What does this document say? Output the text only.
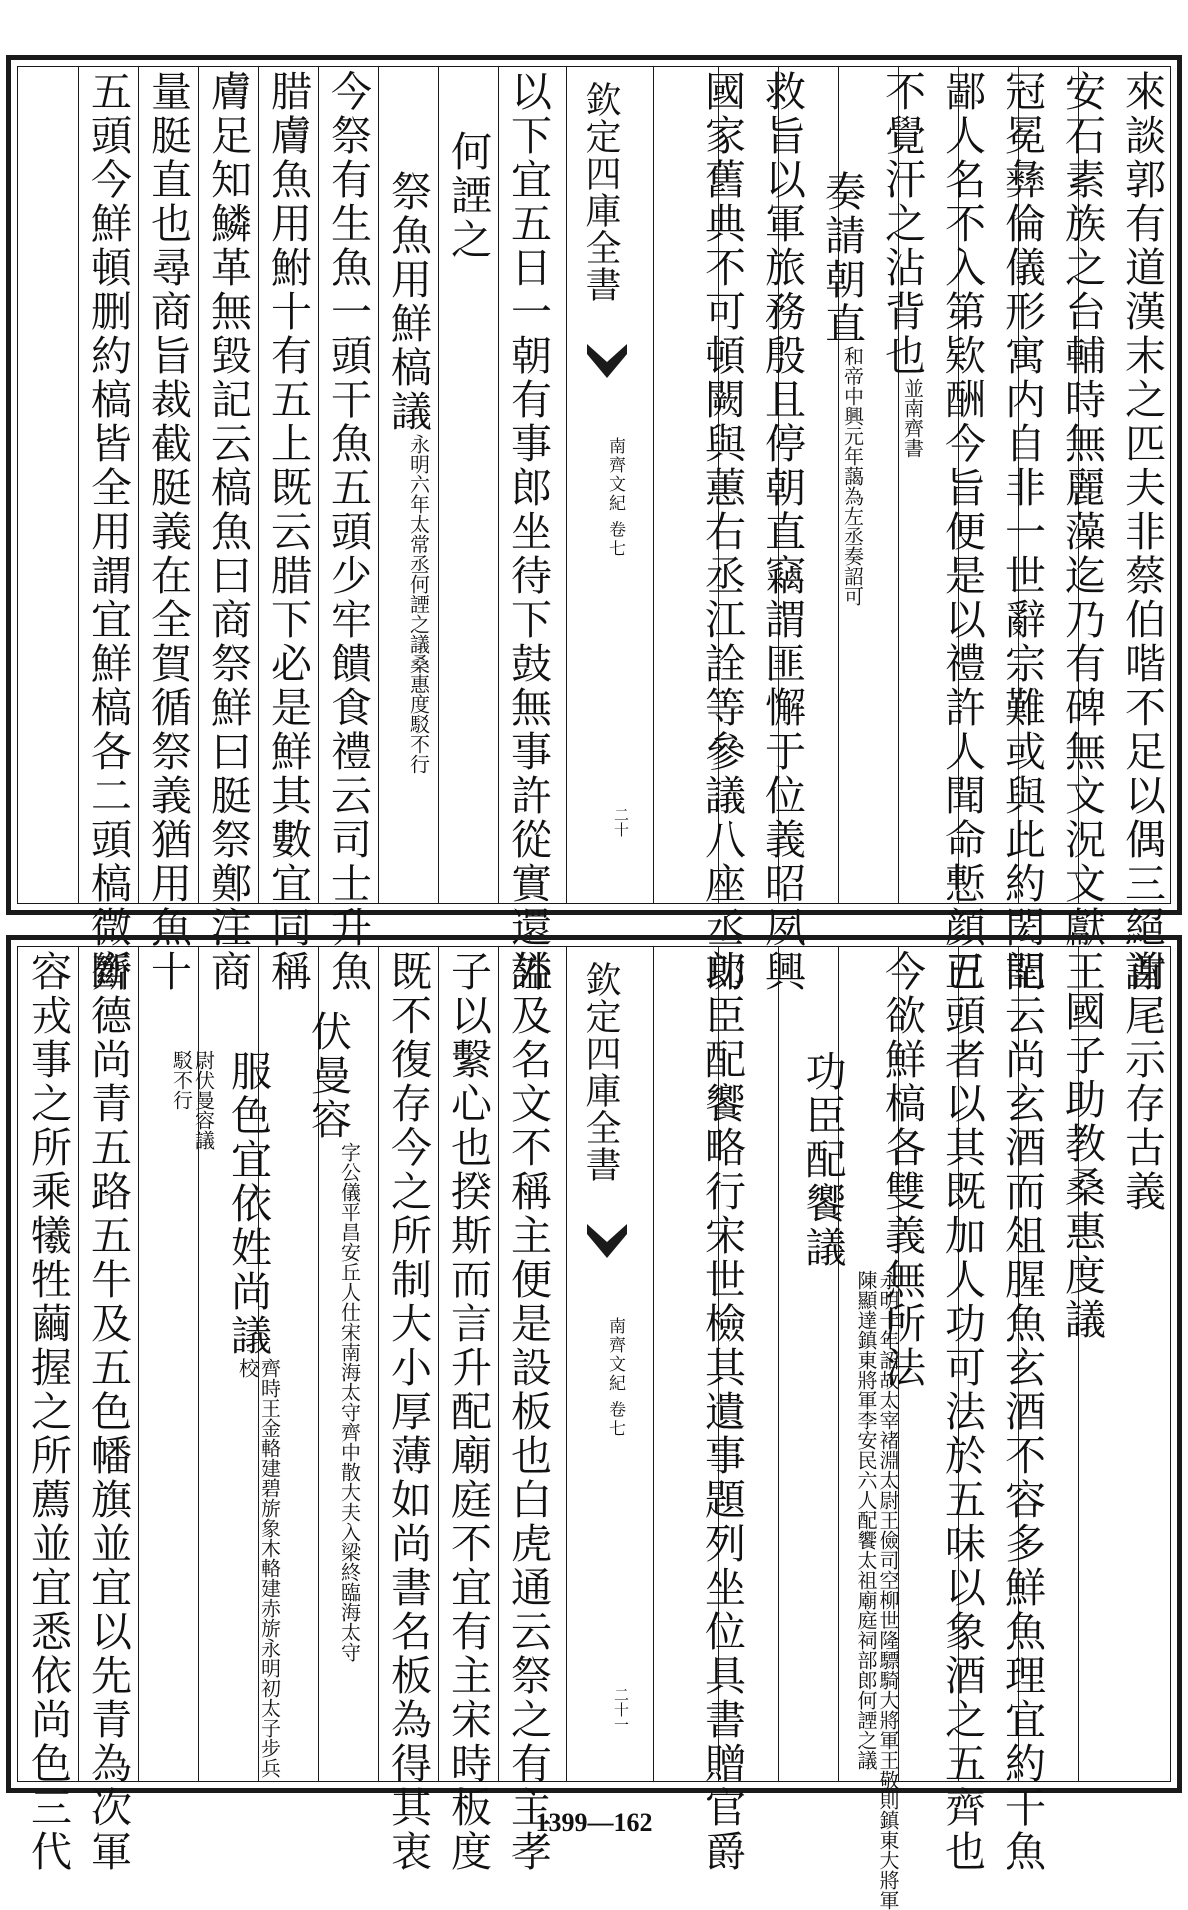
欽定四庫全書
南齊文紀 卷七
二十	來談郭有道漢末之匹夫非蔡伯喈不足以偶三絕謝
安石素族之台輔時無麗藻迄乃有碑無文況文獻王
冠冕彝倫儀形寓内自非一世辭宗難或與此約閎閈
鄙人名不入第欵酬今旨便是以禮許人聞命慙顔已
不覺汗之沾背也並南齊書
奏請朝直和帝中興元年藹為左丞奏詔可
救旨以軍旅務殷且停朝直竊謂匪懈于位義昭夙興
國家舊典不可頓闕與蕙右丞江詮等參議八座丞郎
以下宜五日一朝有事郎坐待下鼓無事許從實還外
何諲之
祭魚用鮮槁議永明六年太常丞何諲之議桑惠度駁不行
今祭有生魚一頭干魚五頭少牢饋食禮云司士升魚
腊膚魚用鮒十有五上既云腊下必是鮮其數宜同稱
膚足知鱗革無毀記云槁魚曰商祭鮮曰脡祭鄭注商
量脡直也尋商旨裁截脡義在全賀循祭義猶用魚十
五頭今鮮頓删約槁皆全用謂宜鮮槁各二頭槁微斷
欽定四庫全書
南齊文紀 卷七
二十一
首尾示存古義
國子助教桑惠度議
記云尚玄酒而俎腥魚玄酒不容多鮮魚理宜約干魚
五頭者以其既加人功可法於五味以象酒之五齊也
今欲鮮槁各雙義無所法
功臣配饗議永明十年詔故太宰褚淵太尉王儉司空柳世隆驃騎大將軍王敬則鎮東大將軍陳顯達鎮東將軍李安民六人配饗太祖廟庭祠部郎何諲之議
功臣配饗略行宋世檢其遺事題列坐位具書贈官爵
謚及名文不稱主便是設板也白虎通云祭之有主孝
子以繫心也揆斯而言升配廟庭不宜有主宋時板度
既不復存今之所制大小厚薄如尚書名板為得其衷
伏曼容字公儀平昌安丘人仕宋南海太守齊中散大夫入梁終臨海太守
服色宜依姓尚議齊時王金輅建碧旂象木輅建赤旂永明初太子步兵校
尉伏曼容議駁不行
齊德尚青五路五牛及五色幡旗並宜以先青為次軍
容戎事之所乘犧牲繭握之所薦並宜悉依尚色三代	1399—162
